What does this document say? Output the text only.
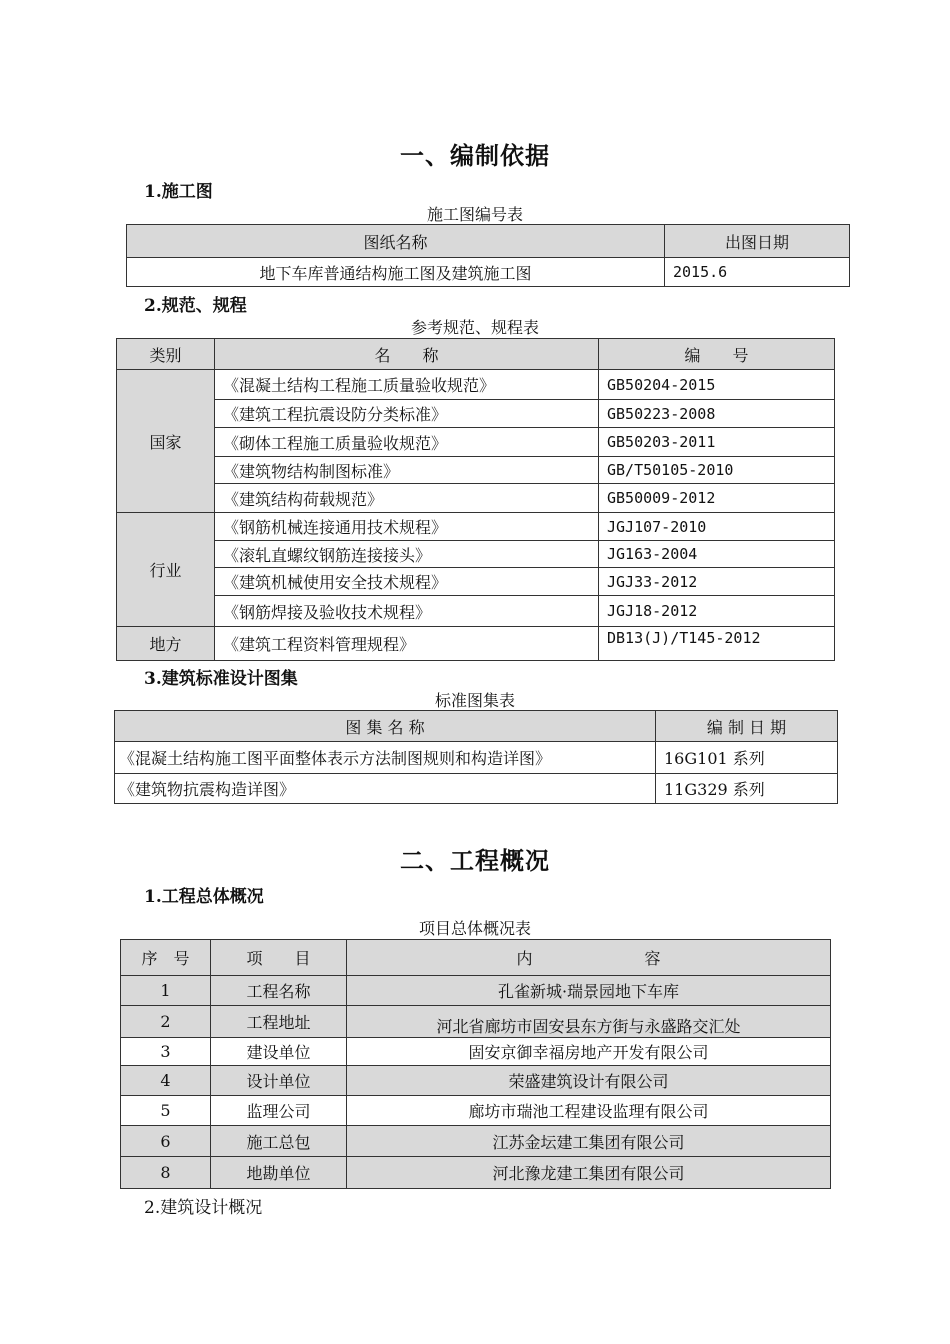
一、编制依据
1.施工图
施工图编号表
图纸名称	出图日期
地下车库普通结构施工图及建筑施工图	2015.6
2.规范、规程
参考规范、规程表
类别	名　　称	编　　号
国家	《混凝土结构工程施工质量验收规范》	GB50204-2015
	《建筑工程抗震设防分类标准》	GB50223-2008
	《砌体工程施工质量验收规范》	GB50203-2011
	《建筑物结构制图标准》	GB/T50105-2010
	《建筑结构荷载规范》	GB50009-2012
行业	《钢筋机械连接通用技术规程》	JGJ107-2010
	《滚轧直螺纹钢筋连接接头》	JG163-2004
	《建筑机械使用安全技术规程》	JGJ33-2012
	《钢筋焊接及验收技术规程》	JGJ18-2012
地方	《建筑工程资料管理规程》	DB13(J)/T145-2012
3.建筑标准设计图集
标准图集表
图 集 名 称	编 制 日 期
《混凝土结构施工图平面整体表示方法制图规则和构造详图》	16G101 系列
《建筑物抗震构造详图》	11G329 系列
二、工程概况
1.工程总体概况
项目总体概况表
序　号	项　　目	内　　　　　　　容
1	工程名称	孔雀新城·瑞景园地下车库
2	工程地址	河北省廊坊市固安县东方街与永盛路交汇处
3	建设单位	固安京御幸福房地产开发有限公司
4	设计单位	荣盛建筑设计有限公司
5	监理公司	廊坊市瑞池工程建设监理有限公司
6	施工总包	江苏金坛建工集团有限公司
8	地勘单位	河北豫龙建工集团有限公司
2.建筑设计概况
